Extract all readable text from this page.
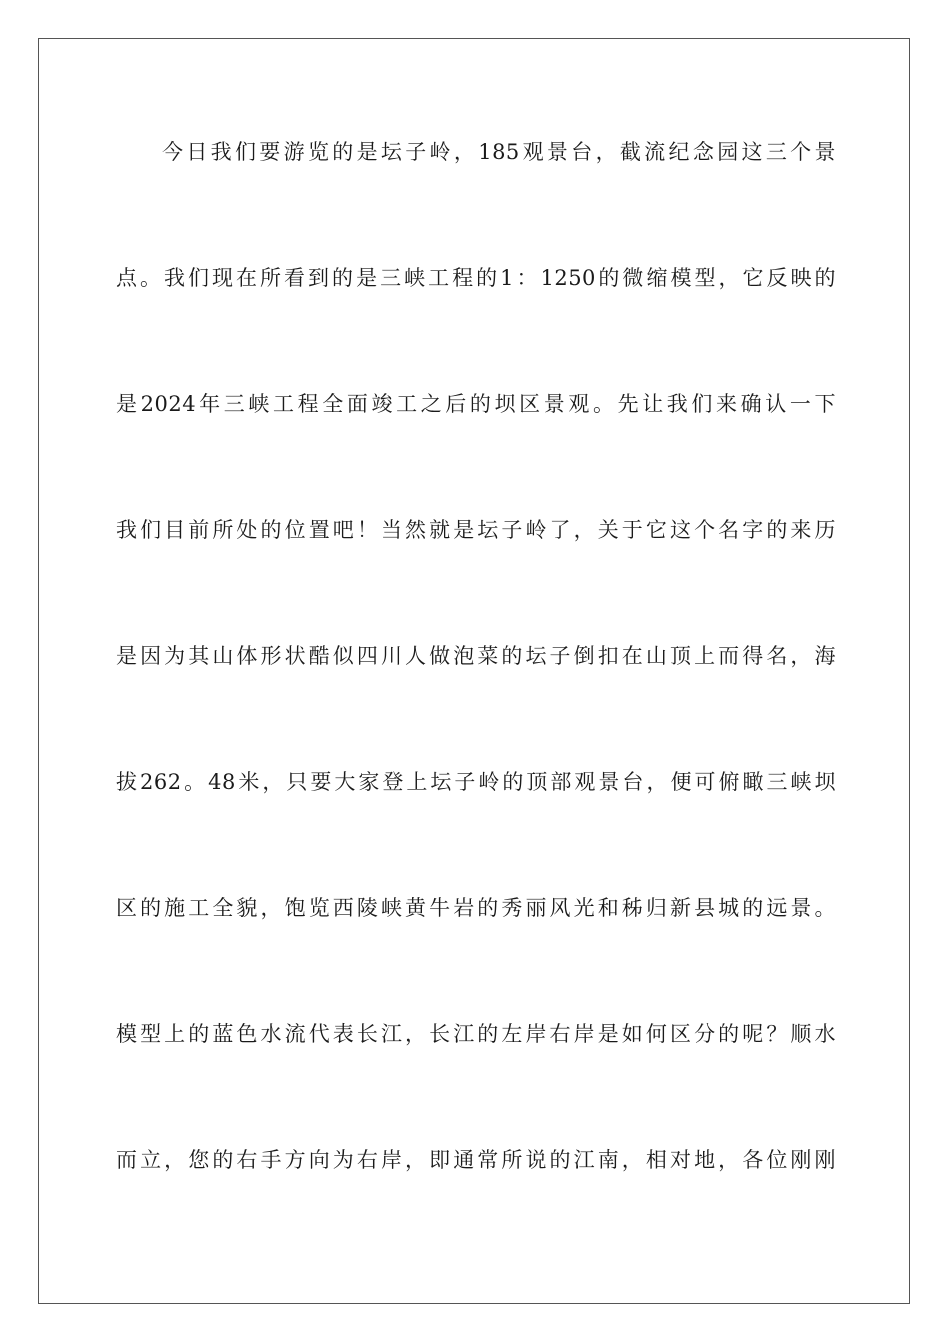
今日我们要游览的是坛子岭，185观景台，截流纪念园这三个景
点。我们现在所看到的是三峡工程的1：1250的微缩模型，它反映的
是2024年三峡工程全面竣工之后的坝区景观。先让我们来确认一下
我们目前所处的位置吧！当然就是坛子岭了，关于它这个名字的来历
是因为其山体形状酷似四川人做泡菜的坛子倒扣在山顶上而得名，海
拔262。48米，只要大家登上坛子岭的顶部观景台，便可俯瞰三峡坝
区的施工全貌，饱览西陵峡黄牛岩的秀丽风光和秭归新县城的远景。
模型上的蓝色水流代表长江，长江的左岸右岸是如何区分的呢？顺水
而立，您的右手方向为右岸，即通常所说的江南，相对地，各位刚刚
